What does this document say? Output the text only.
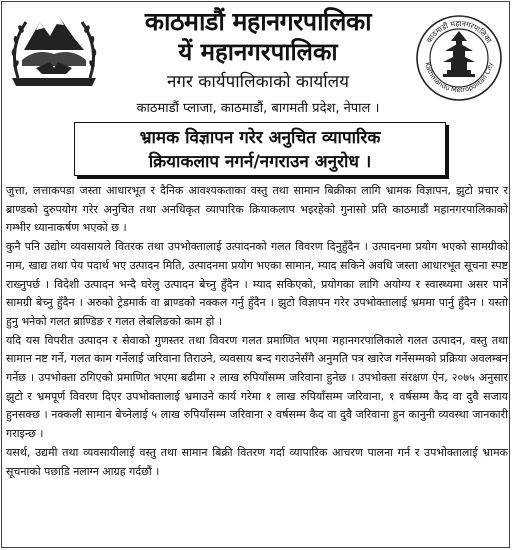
काठमाडौं महानगरपालिका
यें महानगरपालिका
नगर कार्यपालिकाको कार्यालय
काठमाडौं प्लाजा, काठमाडौं, बागमती प्रदेश, नेपाल ।
काठमाडौं महानगरपालिका
Kathmandu Metropolitan City
भ्रामक विज्ञापन गरेर अनुचित व्यापारिक
क्रियाकलाप नगर्न/नगराउन अनुरोध ।

जुत्ता, लत्ताकपडा जस्ता आधारभूत र दैनिक आवश्यकताका वस्तु तथा सामान बिक्रीका लागि भ्रामक विज्ञापन, झुटो प्रचार र ब्राण्डको दुरुपयोग गरेर अनुचित तथा अनधिकृत व्यापारिक क्रियाकलाप भइरहेको गुनासो प्रति काठमाडौं महानगरपालिकाको गम्भीर ध्यानाकर्षण भएको छ ।

कुनै पनि उद्योग व्यवसायले वितरक तथा उपभोक्तालाई उत्पादनको गलत विवरण दिनुहुँदैन । उत्पादनमा प्रयोग भएको सामग्रीको नाम, खाद्य तथा पेय पदार्थ भए उत्पादन मिति, उत्पादनमा प्रयोग भएका सामान, म्याद सकिने अवधि जस्ता आधारभूत सूचना स्पष्ट राख्नुपर्छ । विदेशी उत्पादन भन्दै घरेलु उत्पादन बेच्नु हुँदैन । म्याद सकिएको, प्रयोगका लागि अयोग्य र स्वास्थ्यमा असर पार्ने सामग्री बेच्नु हुँदैन । अरुको ट्रेडमार्क वा ब्राण्डको नक्कल गर्नु हुँदैन । झुटो विज्ञापन गरेर उपभोक्तालाई भ्रममा पार्नु हुँदैन । यस्तो हुनु भनेको गलत ब्राण्डिङ र गलत लेबलिङको काम हो ।

यदि यस विपरीत उत्पादन र सेवाको गुणस्तर तथा विवरण गलत प्रमाणित भएमा महानगरपालिकाले गलत उत्पादन, वस्तु तथा सामान नष्ट गर्ने, गलत काम गर्नेलाई जरिवाना तिराउने, व्यवसाय बन्द गराउनेसँगै अनुमति पत्र खारेज गर्नेसम्मको प्रक्रिया अवलम्बन गर्नेछ । उपभोक्ता ठगिएको प्रमाणित भएमा बढीमा २ लाख रुपियाँसम्म जरिवाना हुनेछ । उपभोक्ता संरक्षण ऐन, २०७५ अनुसार झुटो र भ्रमपूर्ण विवरण दिएर उपभोक्तालाई भ्रमाउने कार्य गरेमा १ लाख रुपियाँसम्म जरिवाना, १ वर्षसम्म कैद वा दुवै सजाय हुनसक्छ । नक्कली सामान बेच्नेलाई ५ लाख रुपियाँसम्म जरिवाना २ वर्षसम्म कैद वा दुवै जरिवाना हुन कानुनी व्यवस्था जानकारी गराइन्छ ।

यसर्थ, उद्यमी तथा व्यवसायीलाई वस्तु तथा सामान बिक्री वितरण गर्दा व्यापारिक आचरण पालना गर्न र उपभोक्तालाई भ्रामक सूचनाको पछाडि नलाग्न आग्रह गर्दछौं ।
